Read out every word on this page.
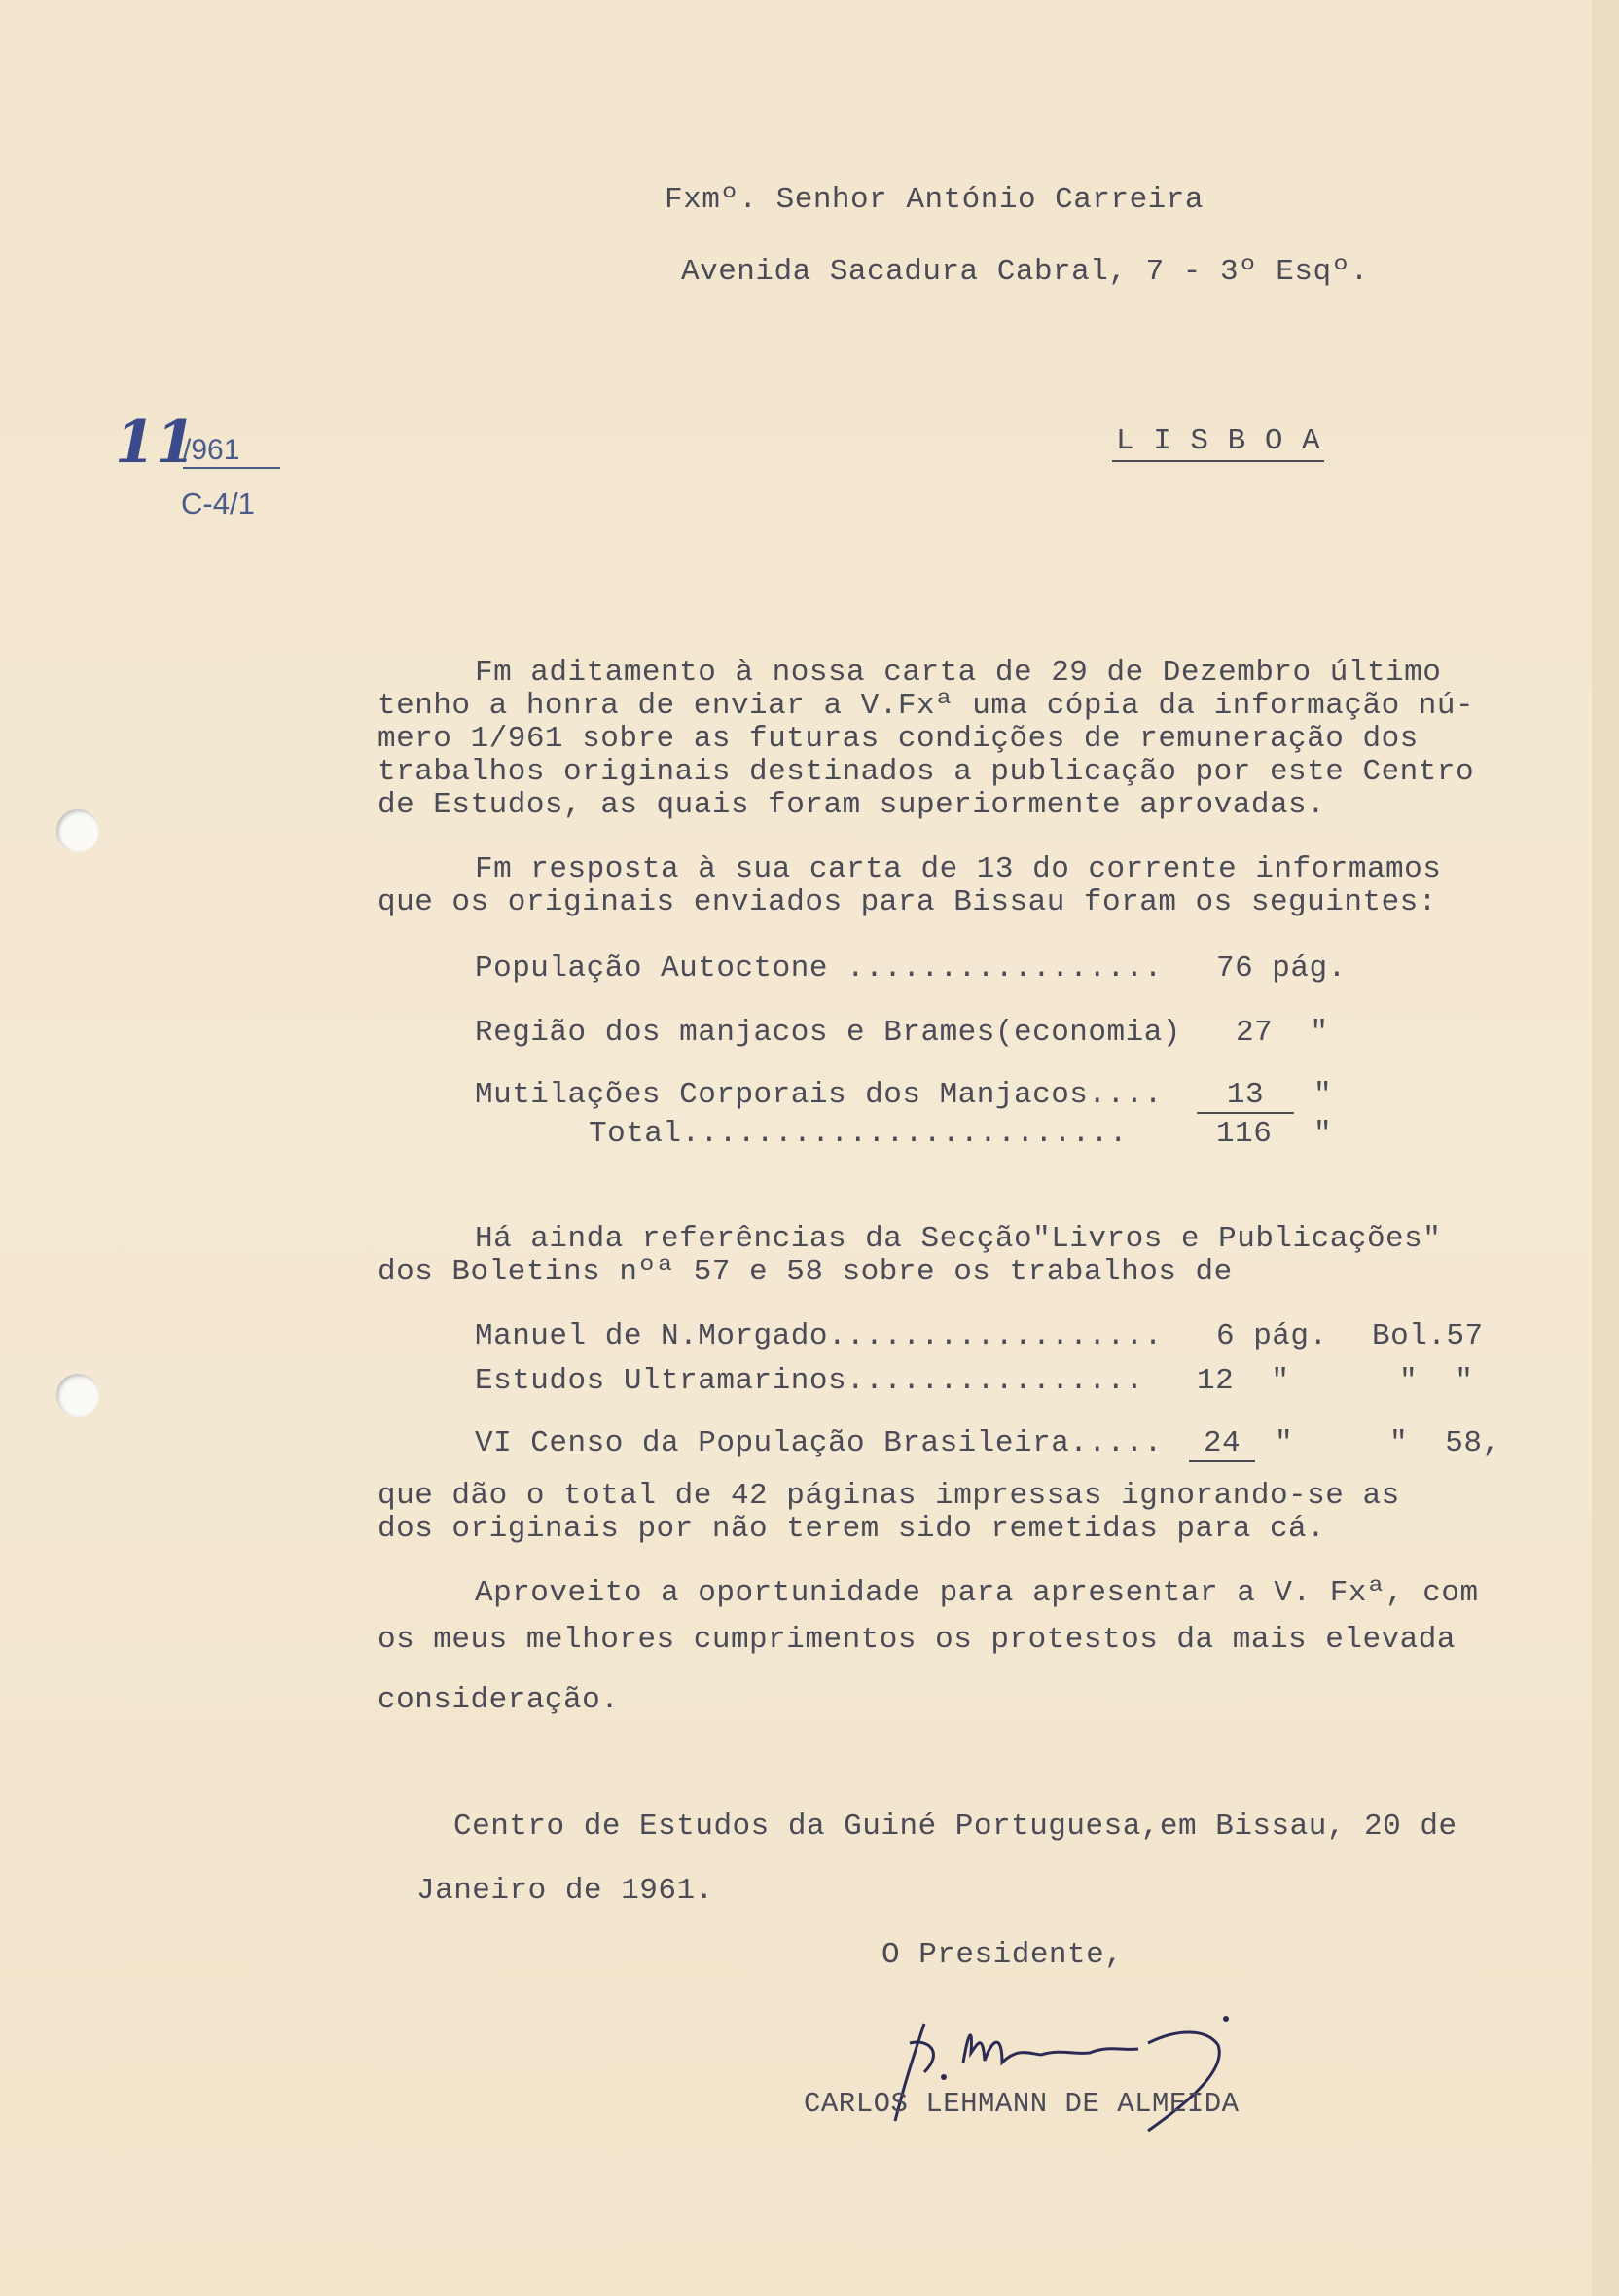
Fxmº. Senhor António Carreira
Avenida Sacadura Cabral, 7 - 3º Esqº.
L I S B O A
11
/961
C-4/1
Fm aditamento à nossa carta de 29 de Dezembro último
tenho a honra de enviar a V.Fxª uma cópia da informação nú-
mero 1/961 sobre as futuras condições de remuneração dos
trabalhos originais destinados a publicação por este Centro
de Estudos, as quais foram superiormente aprovadas.
Fm resposta à sua carta de 13 do corrente informamos
que os originais enviados para Bissau foram os seguintes:
População Autoctone ................. 76 pág.
Região dos manjacos e Brames(economia) 27  "
Mutilações Corporais dos Manjacos....	13	"
Total........................	116 "
Há ainda referências da Secção"Livros e Publicações"
dos Boletins nºª 57 e 58 sobre os trabalhos de
Manuel de N.Morgado.................. 6 pág. Bol.57
Estudos Ultramarinos................ 12  "	"  "
VI Censo da População Brasileira.....	24	"	"  58,
que dão o total de 42 páginas impressas ignorando-se as
dos originais por não terem sido remetidas para cá.
Aproveito a oportunidade para apresentar a V. Fxª, com
os meus melhores cumprimentos os protestos da mais elevada
consideração.
Centro de Estudos da Guiné Portuguesa,em Bissau, 20 de
Janeiro de 1961.
O Presidente,
CARLOS LEHMANN DE ALMEIDA
